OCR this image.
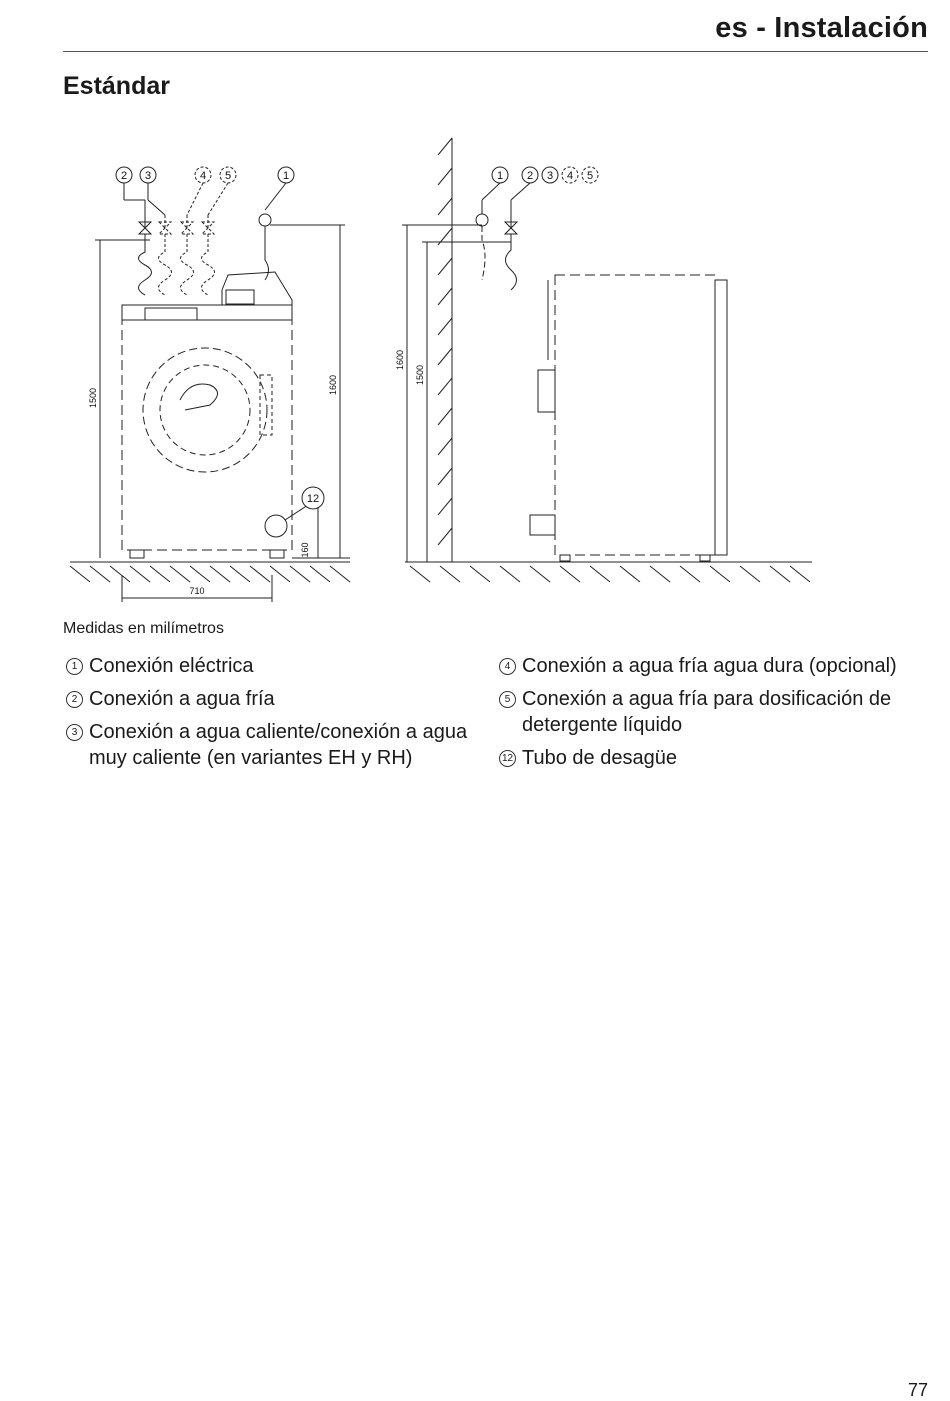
es - Instalación
Estándar
2 3	4 5	1	1 2 3 4 5
12
1500
1600
160
710
1600
1500
Medidas en milímetros
1 Conexión eléctrica
2 Conexión a agua fría
3 Conexión a agua caliente/conexión a agua muy caliente (en variantes EH y RH)
4 Conexión a agua fría agua dura (opcional)
5 Conexión a agua fría para dosificación de detergente líquido
12 Tubo de desagüe
77
